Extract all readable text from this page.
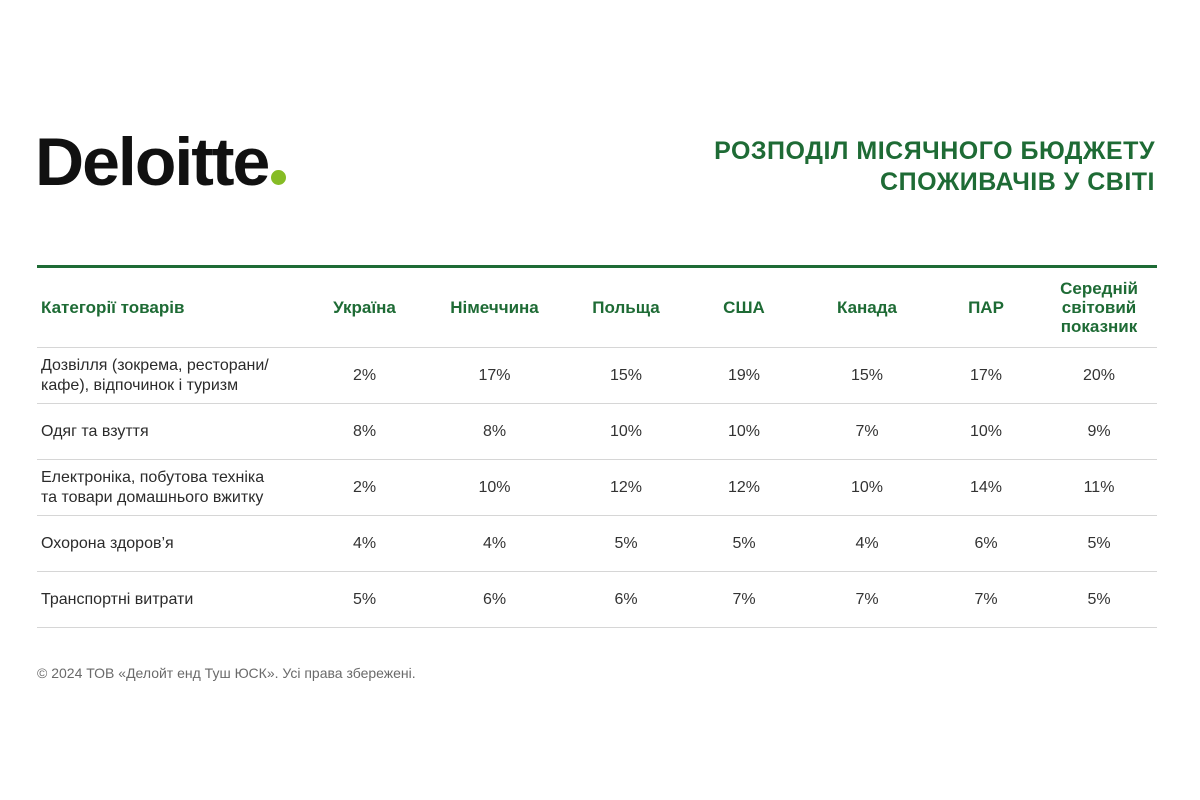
Deloitte	РОЗПОДІЛ МІСЯЧНОГО БЮДЖЕТУ
СПОЖИВАЧІВ У СВІТІ
Категорії товарів	Україна	Німеччина	Польща	США	Канада	ПАР	Середній
світовий
показник
Дозвілля (зокрема, ресторани/
кафе), відпочинок і туризм	2%	17%	15%	19%	15%	17%	20%
Одяг та взуття	8%	8%	10%	10%	7%	10%	9%
Електроніка, побутова техніка
та товари домашнього вжитку	2%	10%	12%	12%	10%	14%	11%
Охорона здоров’я	4%	4%	5%	5%	4%	6%	5%
Транспортні витрати	5%	6%	6%	7%	7%	7%	5%
© 2024 ТОВ «Делойт енд Туш ЮСК». Усі права збережені.
